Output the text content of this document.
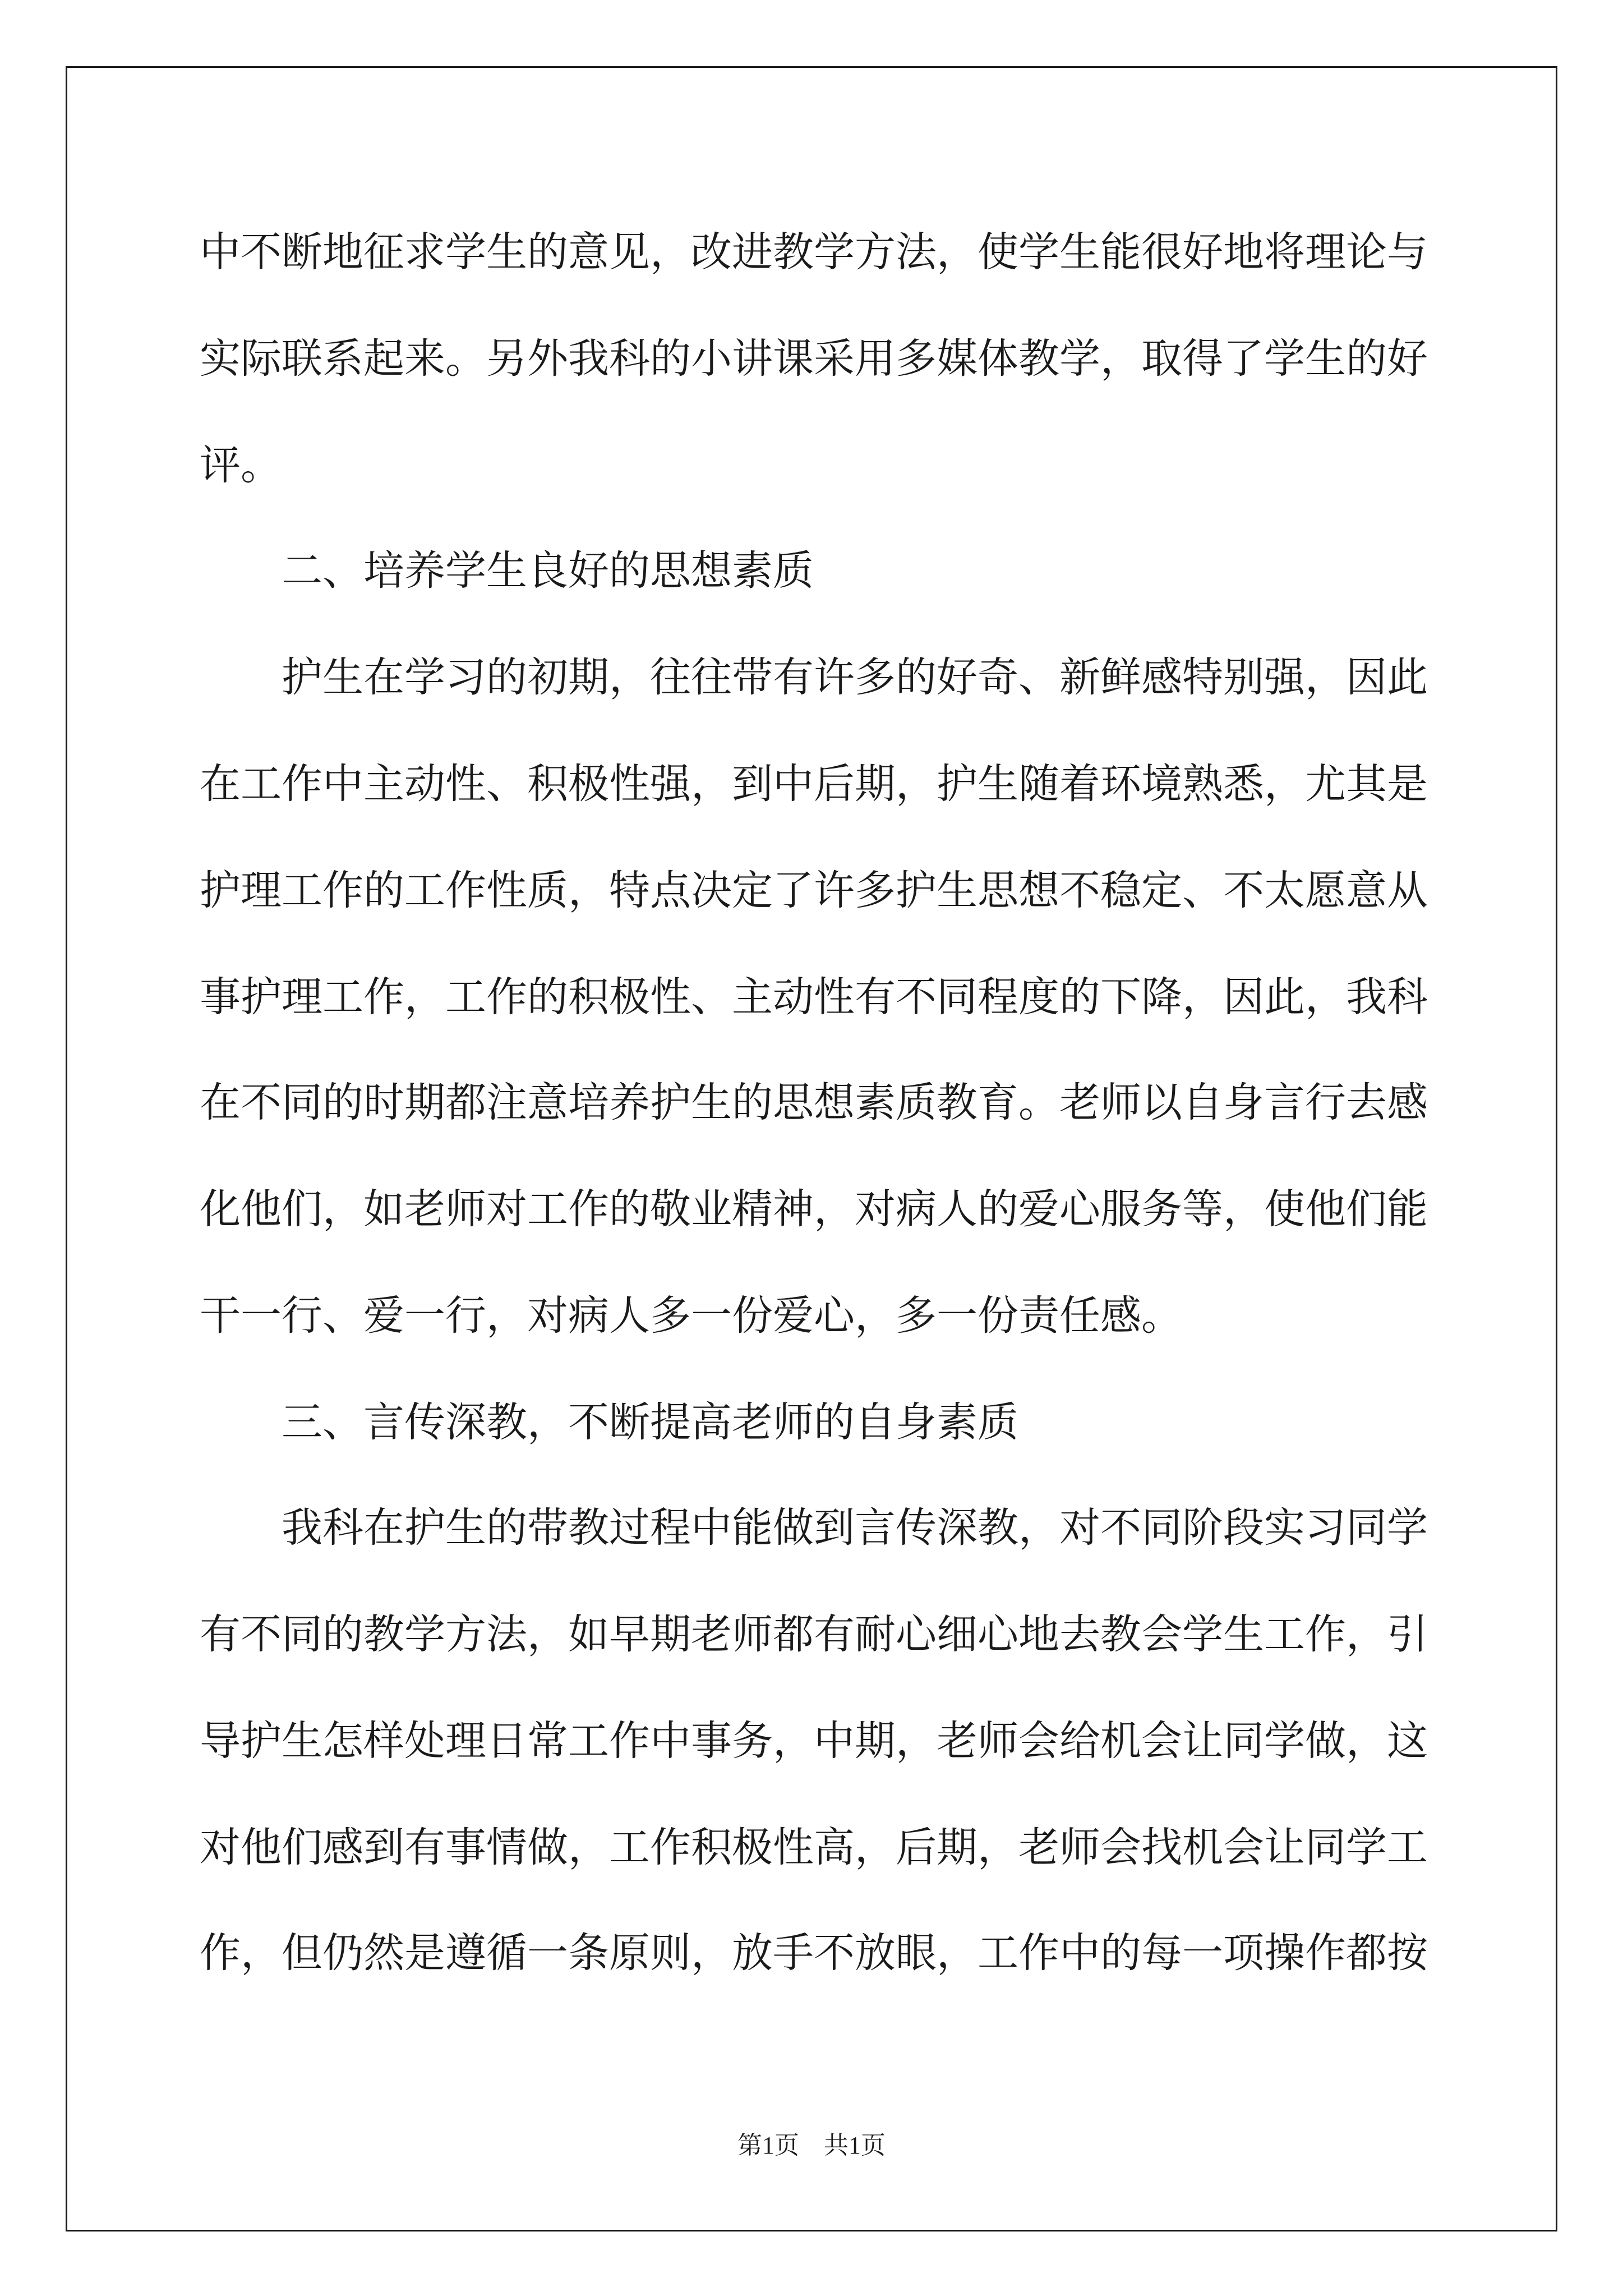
中不断地征求学生的意见，改进教学方法，使学生能很好地将理论与
实际联系起来。另外我科的小讲课采用多媒体教学，取得了学生的好
评。
　　二、培养学生良好的思想素质
　　护生在学习的初期，往往带有许多的好奇、新鲜感特别强，因此
在工作中主动性、积极性强，到中后期，护生随着环境熟悉，尤其是
护理工作的工作性质，特点决定了许多护生思想不稳定、不太愿意从
事护理工作，工作的积极性、主动性有不同程度的下降，因此，我科
在不同的时期都注意培养护生的思想素质教育。老师以自身言行去感
化他们，如老师对工作的敬业精神，对病人的爱心服务等，使他们能
干一行、爱一行，对病人多一份爱心，多一份责任感。
　　三、言传深教，不断提高老师的自身素质
　　我科在护生的带教过程中能做到言传深教，对不同阶段实习同学
有不同的教学方法，如早期老师都有耐心细心地去教会学生工作，引
导护生怎样处理日常工作中事务，中期，老师会给机会让同学做，这
对他们感到有事情做，工作积极性高，后期，老师会找机会让同学工
作，但仍然是遵循一条原则，放手不放眼，工作中的每一项操作都按
第1页　共1页
